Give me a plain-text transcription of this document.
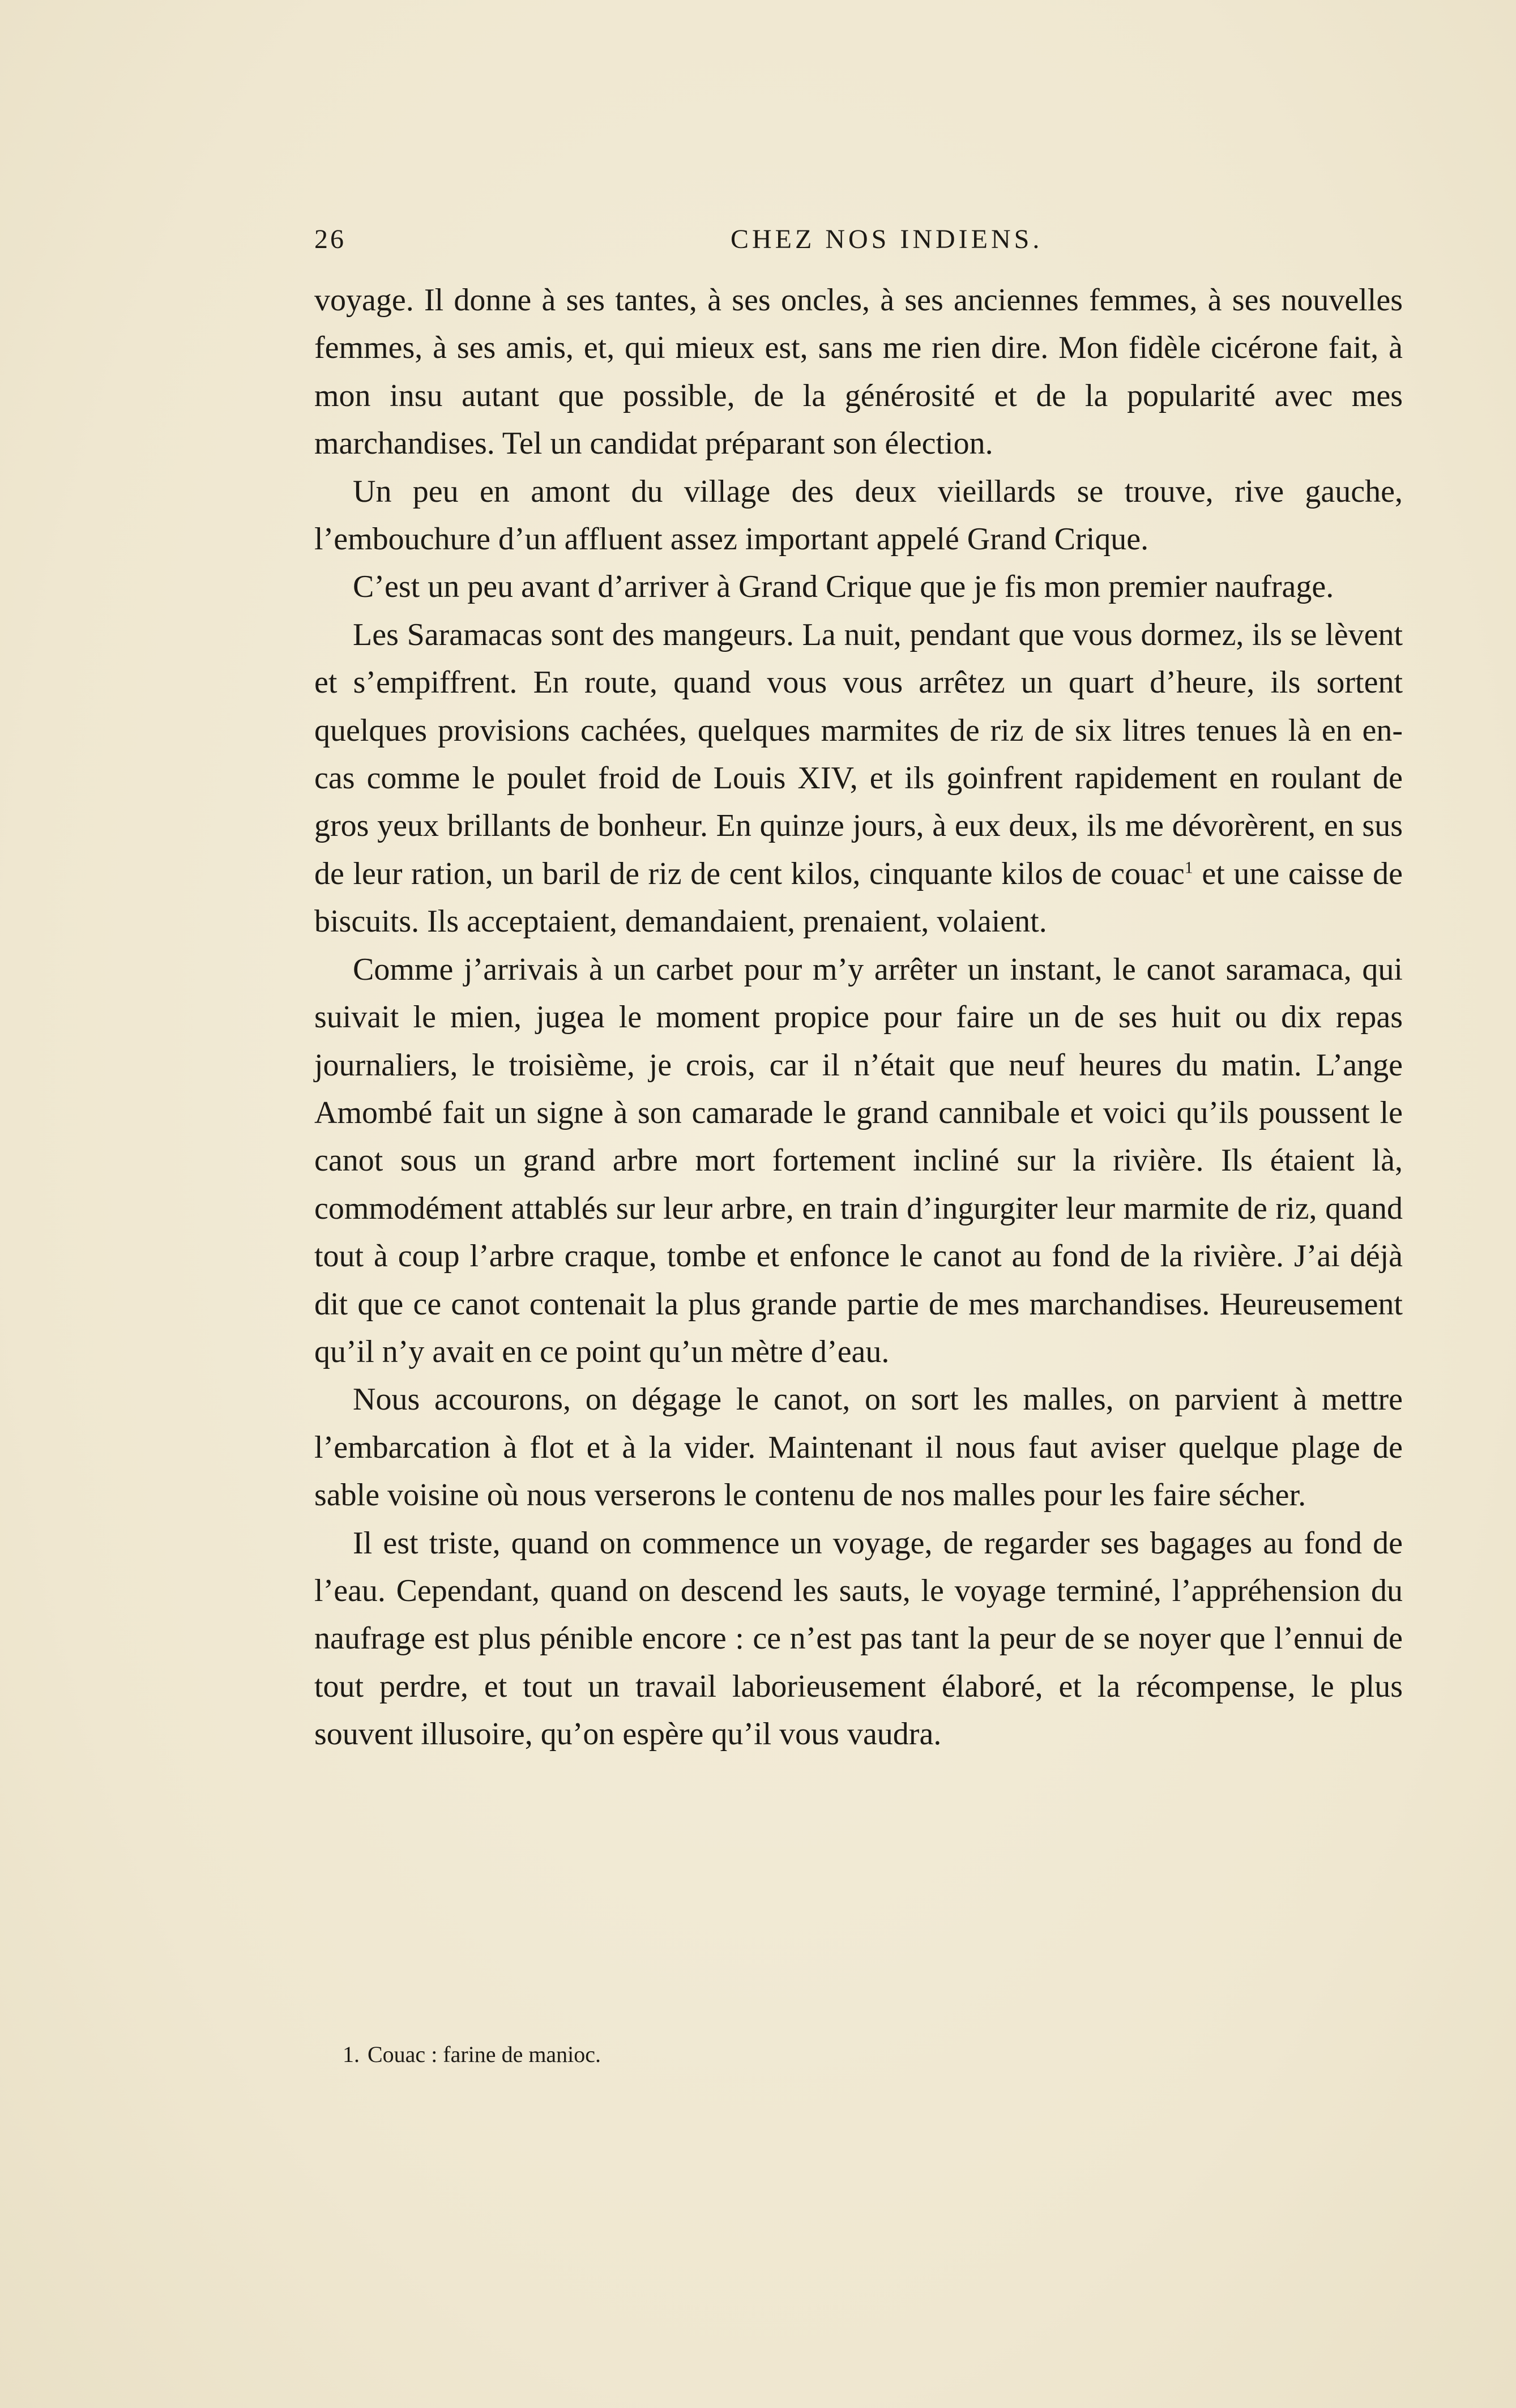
26	CHEZ NOS INDIENS.

voyage. Il donne à ses tantes, à ses oncles, à ses anciennes femmes, à ses nouvelles femmes, à ses amis, et, qui mieux est, sans me rien dire. Mon fidèle cicérone fait, à mon insu autant que possible, de la générosité et de la popularité avec mes marchandises. Tel un candidat préparant son élection.

Un peu en amont du village des deux vieillards se trouve, rive gauche, l’embouchure d’un affluent assez important appelé Grand Crique.

C’est un peu avant d’arriver à Grand Crique que je fis mon premier naufrage.

Les Saramacas sont des mangeurs. La nuit, pendant que vous dormez, ils se lèvent et s’empiffrent. En route, quand vous vous arrêtez un quart d’heure, ils sortent quelques provisions cachées, quelques marmites de riz de six litres tenues là en en-cas comme le poulet froid de Louis XIV, et ils goinfrent rapidement en roulant de gros yeux brillants de bonheur. En quinze jours, à eux deux, ils me dévorèrent, en sus de leur ration, un baril de riz de cent kilos, cinquante kilos de couac$^1$ et une caisse de biscuits. Ils acceptaient, demandaient, prenaient, volaient.

Comme j’arrivais à un carbet pour m’y arrêter un instant, le canot saramaca, qui suivait le mien, jugea le moment propice pour faire un de ses huit ou dix repas journaliers, le troisième, je crois, car il n’était que neuf heures du matin. L’ange Amombé fait un signe à son camarade le grand cannibale et voici qu’ils poussent le canot sous un grand arbre mort fortement incliné sur la rivière. Ils étaient là, commodément attablés sur leur arbre, en train d’ingurgiter leur marmite de riz, quand tout à coup l’arbre craque, tombe et enfonce le canot au fond de la rivière. J’ai déjà dit que ce canot contenait la plus grande partie de mes marchandises. Heureusement qu’il n’y avait en ce point qu’un mètre d’eau.

Nous accourons, on dégage le canot, on sort les malles, on parvient à mettre l’embarcation à flot et à la vider. Maintenant il nous faut aviser quelque plage de sable voisine où nous verserons le contenu de nos malles pour les faire sécher.

Il est triste, quand on commence un voyage, de regarder ses bagages au fond de l’eau. Cependant, quand on descend les sauts, le voyage terminé, l’appréhension du naufrage est plus pénible encore : ce n’est pas tant la peur de se noyer que l’ennui de tout perdre, et tout un travail laborieusement élaboré, et la récompense, le plus souvent illusoire, qu’on espère qu’il vous vaudra.

1. Couac : farine de manioc.
